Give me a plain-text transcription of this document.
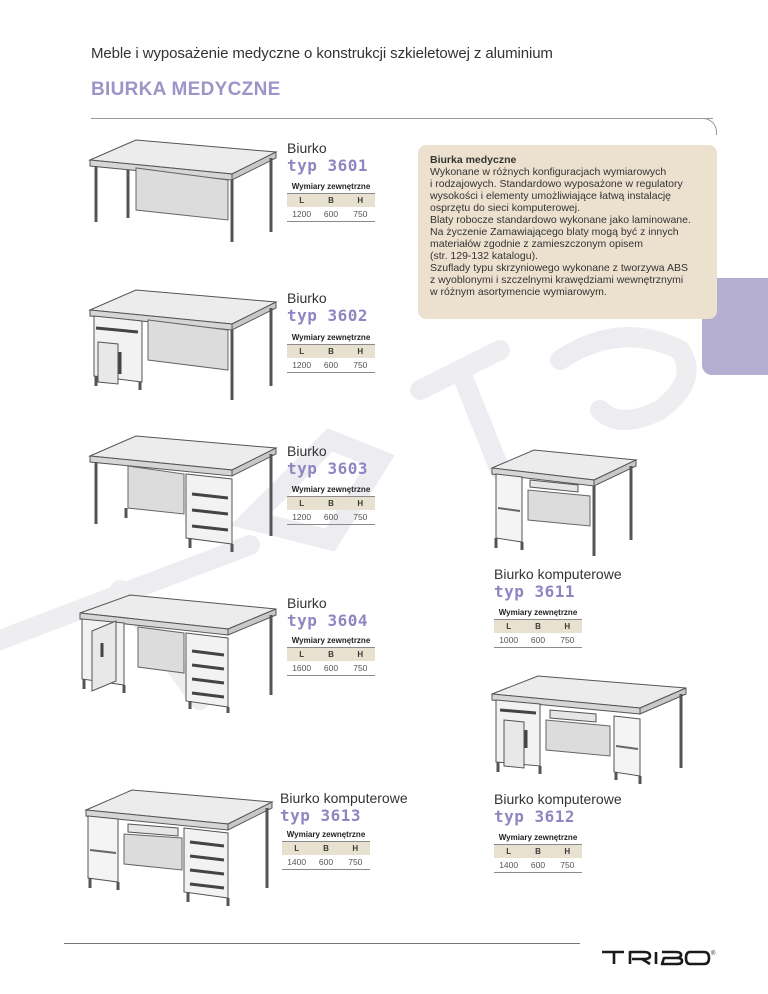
Meble i wyposażenie medyczne o konstrukcji szkieletowej z aluminium
BIURKA MEDYCZNE
Biurka medyczne
Wykonane w różnych konfiguracjach wymiarowych
i rodzajowych. Standardowo wyposażone w regulatory
wysokości i elementy umożliwiające łatwą instalację
osprzętu do sieci komputerowej.
Blaty robocze standardowo wykonane jako laminowane.
Na życzenie Zamawiającego blaty mogą być z innych
materiałów zgodnie z zamieszczonym opisem
(str. 129-132 katalogu).
Szuflady typu skrzyniowego wykonane z tworzywa ABS
z wyoblonymi i szczelnymi krawędziami wewnętrznymi
w różnym asortymencie wymiarowym.
Biurko
typ 3601
Wymiary zewnętrzne
L	B	H
1200	600	750
Biurko
typ 3602
Wymiary zewnętrzne
L	B	H
1200	600	750
Biurko
typ 3603
Wymiary zewnętrzne
L	B	H
1200	600	750
Biurko
typ 3604
Wymiary zewnętrzne
L	B	H
1600	600	750
Biurko komputerowe
typ 3613
Wymiary zewnętrzne
L	B	H
1400	600	750
Biurko komputerowe
typ 3611
Wymiary zewnętrzne
L	B	H
1000	600	750
Biurko komputerowe
typ 3612
Wymiary zewnętrzne
L	B	H
1400	600	750
®
